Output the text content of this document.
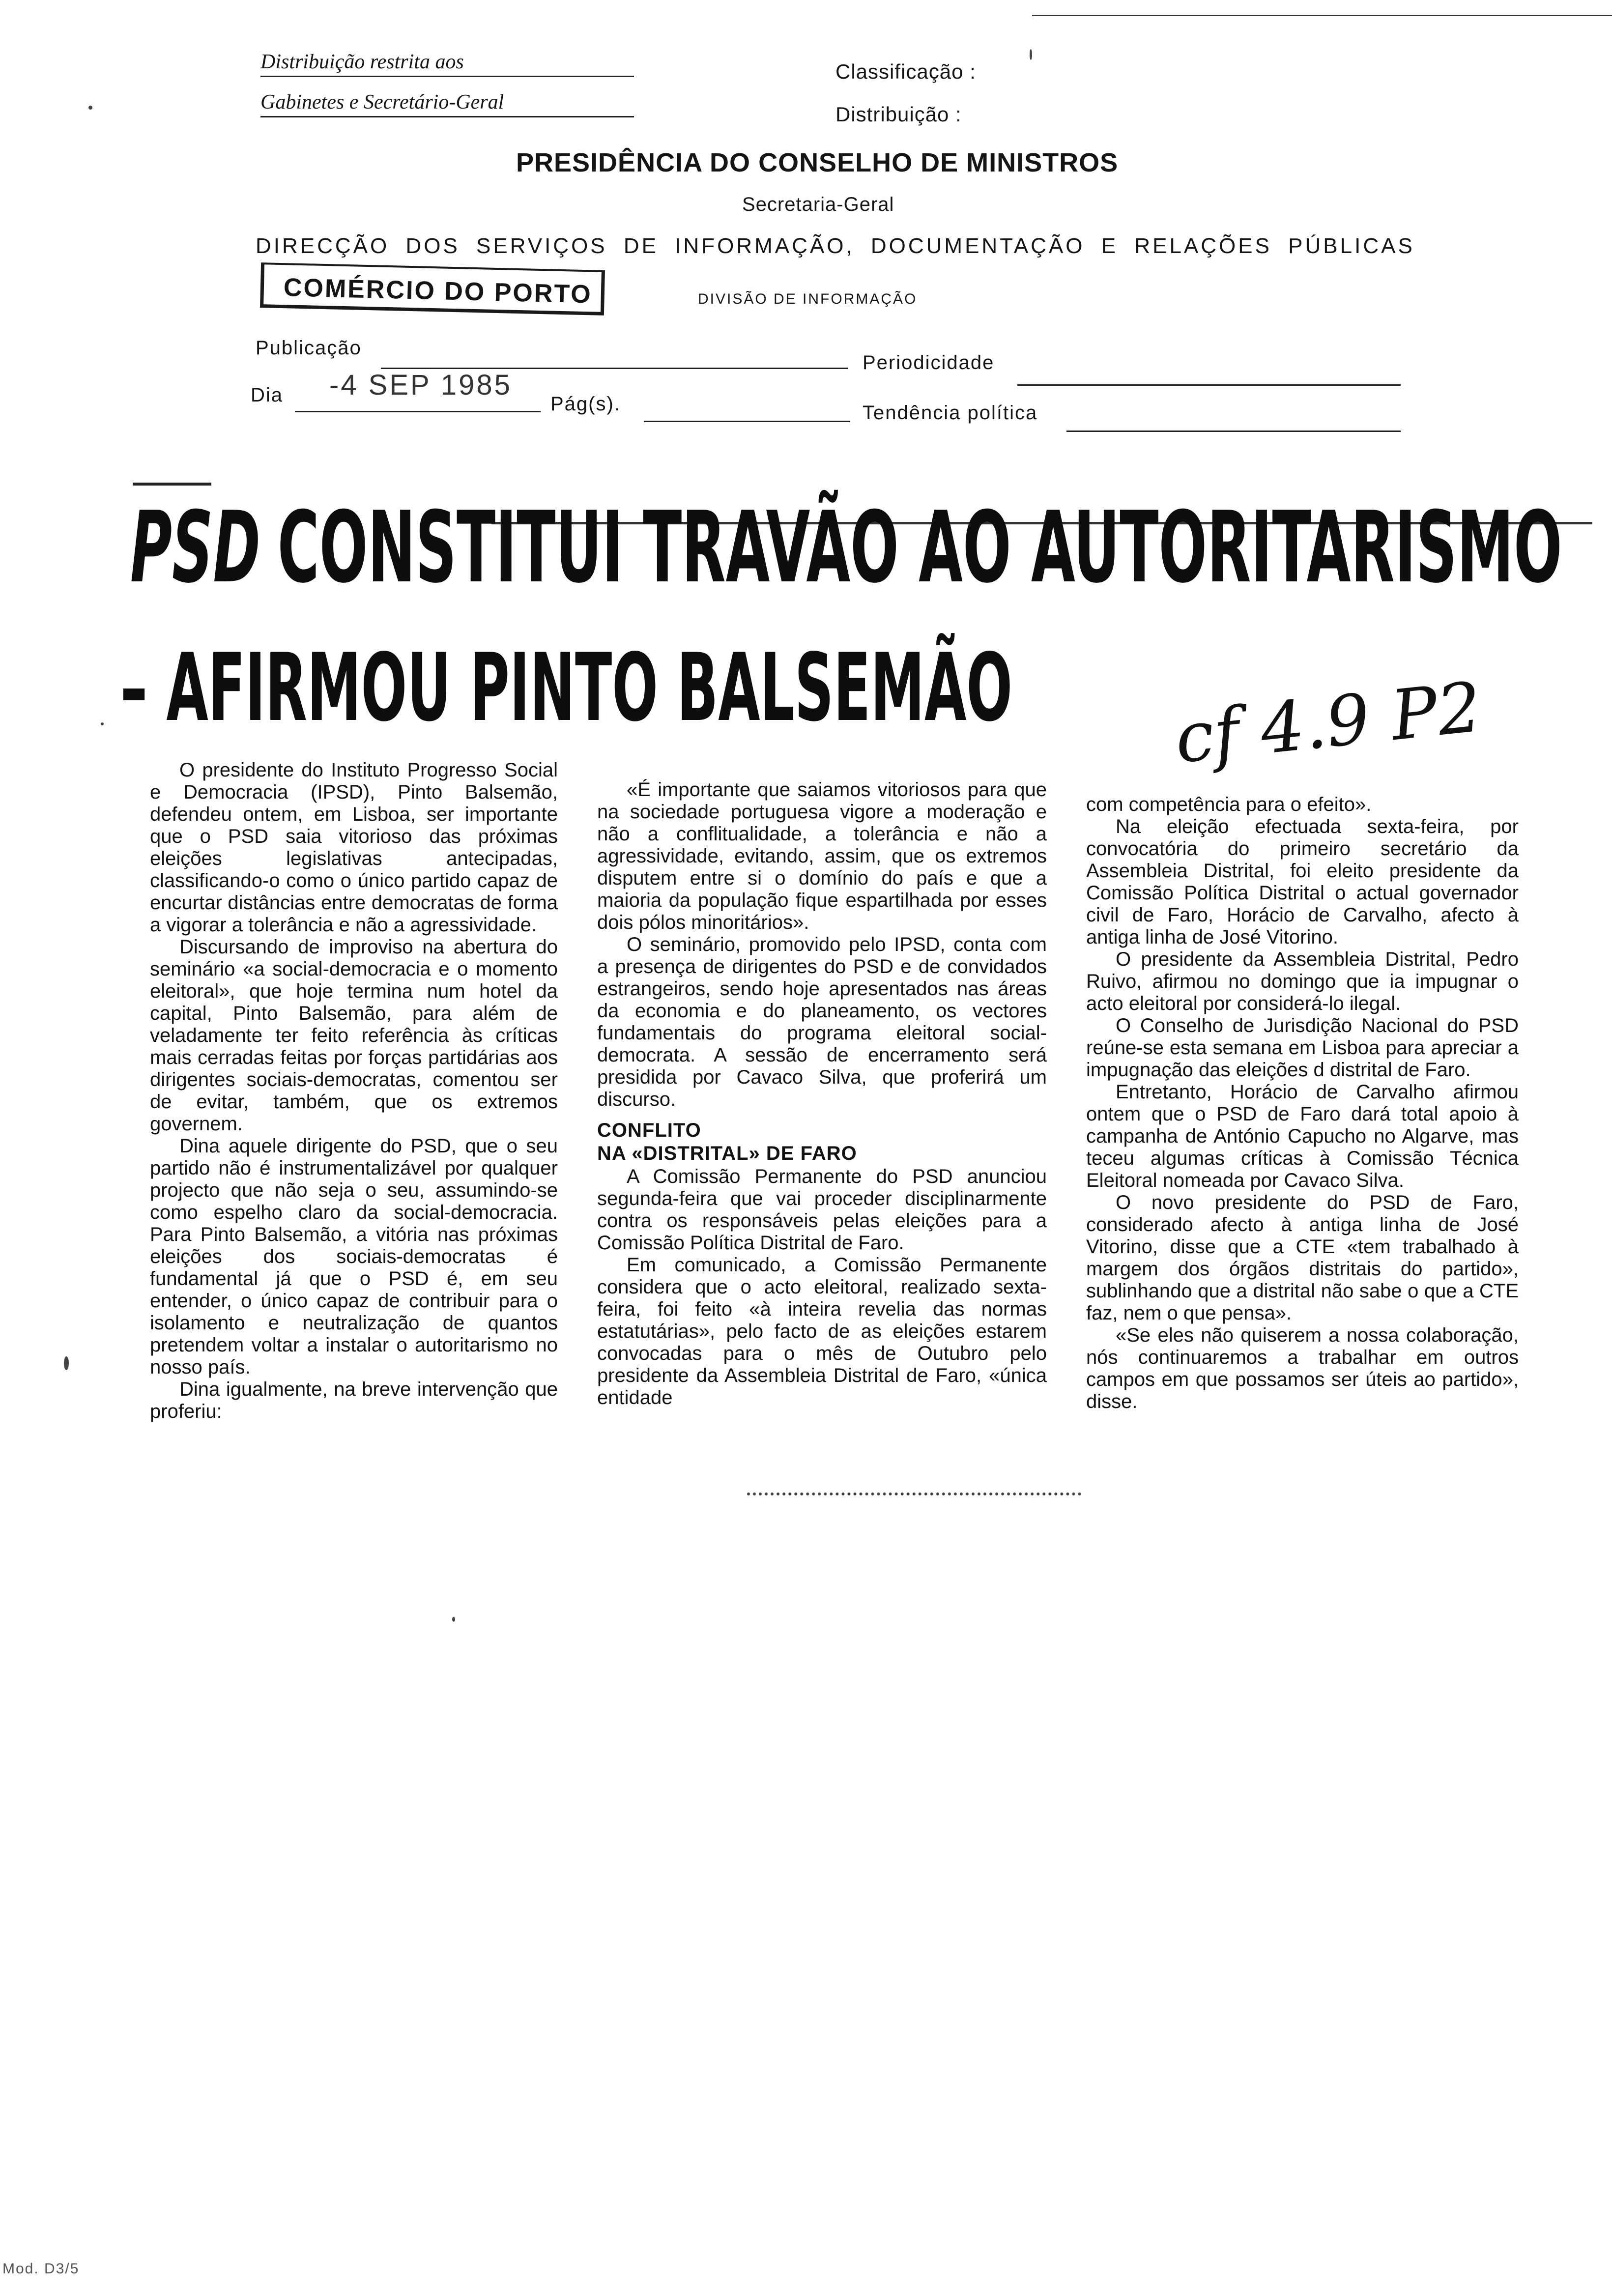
Distribuição restrita aos
Gabinetes e Secretário-Geral
Classificação :
Distribuição :
PRESIDÊNCIA DO CONSELHO DE MINISTROS
Secretaria-Geral
DIRECÇÃO DOS SERVIÇOS DE INFORMAÇÃO, DOCUMENTAÇÃO E RELAÇÕES PÚBLICAS
COMÉRCIO DO PORTO	DIVISÃO DE INFORMAÇÃO
Publicação
Periodicidade
Dia -4 SEP 1985
Pág(s).	Tendência política
PSD CONSTITUI TRAVÃO AO AUTORITARISMO
– AFIRMOU PINTO BALSEMÃO cf 4.9 P2

O presidente do Instituto Progresso Social e Democracia (IPSD), Pinto Balsemão, defendeu ontem, em Lisboa, ser importante que o PSD saia vitorioso das próximas eleições legislativas antecipadas, classificando-o como o único partido capaz de encurtar distâncias entre democratas de forma a vigorar a tolerância e não a agressividade.

Discursando de improviso na abertura do seminário «a social-democracia e o momento eleitoral», que hoje termina num hotel da capital, Pinto Balsemão, para além de veladamente ter feito referência às críticas mais cerradas feitas por forças partidárias aos dirigentes sociais-democratas, comentou ser de evitar, também, que os extremos governem.

Dina aquele dirigente do PSD, que o seu partido não é instrumentalizável por qualquer projecto que não seja o seu, assumindo-se como espelho claro da social-democracia. Para Pinto Balsemão, a vitória nas próximas eleições dos sociais-democratas é fundamental já que o PSD é, em seu entender, o único capaz de contribuir para o isolamento e neutralização de quantos pretendem voltar a instalar o autoritarismo no nosso país.

Dina igualmente, na breve intervenção que proferiu:

«É importante que saiamos vitoriosos para que na sociedade portuguesa vigore a moderação e não a conflitualidade, a tolerância e não a agressividade, evitando, assim, que os extremos disputem entre si o domínio do país e que a maioria da população fique espartilhada por esses dois pólos minoritários».

O seminário, promovido pelo IPSD, conta com a presença de dirigentes do PSD e de convidados estrangeiros, sendo hoje apresentados nas áreas da economia e do planeamento, os vectores fundamentais do programa eleitoral social-democrata. A sessão de encerramento será presidida por Cavaco Silva, que proferirá um discurso.

CONFLITO
NA «DISTRITAL» DE FARO

A Comissão Permanente do PSD anunciou segunda-feira que vai proceder disciplinarmente contra os responsáveis pelas eleições para a Comissão Política Distrital de Faro.

Em comunicado, a Comissão Permanente considera que o acto eleitoral, realizado sexta-feira, foi feito «à inteira revelia das normas estatutárias», pelo facto de as eleições estarem convocadas para o mês de Outubro pelo presidente da Assembleia Distrital de Faro, «única entidade

com competência para o efeito».

Na eleição efectuada sexta-feira, por convocatória do primeiro secretário da Assembleia Distrital, foi eleito presidente da Comissão Política Distrital o actual governador civil de Faro, Horácio de Carvalho, afecto à antiga linha de José Vitorino.

O presidente da Assembleia Distrital, Pedro Ruivo, afirmou no domingo que ia impugnar o acto eleitoral por considerá-lo ilegal.

O Conselho de Jurisdição Nacional do PSD reúne-se esta semana em Lisboa para apreciar a impugnação das eleições d distrital de Faro.

Entretanto, Horácio de Carvalho afirmou ontem que o PSD de Faro dará total apoio à campanha de António Capucho no Algarve, mas teceu algumas críticas à Comissão Técnica Eleitoral nomeada por Cavaco Silva.

O novo presidente do PSD de Faro, considerado afecto à antiga linha de José Vitorino, disse que a CTE «tem trabalhado à margem dos órgãos distritais do partido», sublinhando que a distrital não sabe o que a CTE faz, nem o que pensa».

«Se eles não quiserem a nossa colaboração, nós continuaremos a trabalhar em outros campos em que possamos ser úteis ao partido», disse.

Mod. D3/5
